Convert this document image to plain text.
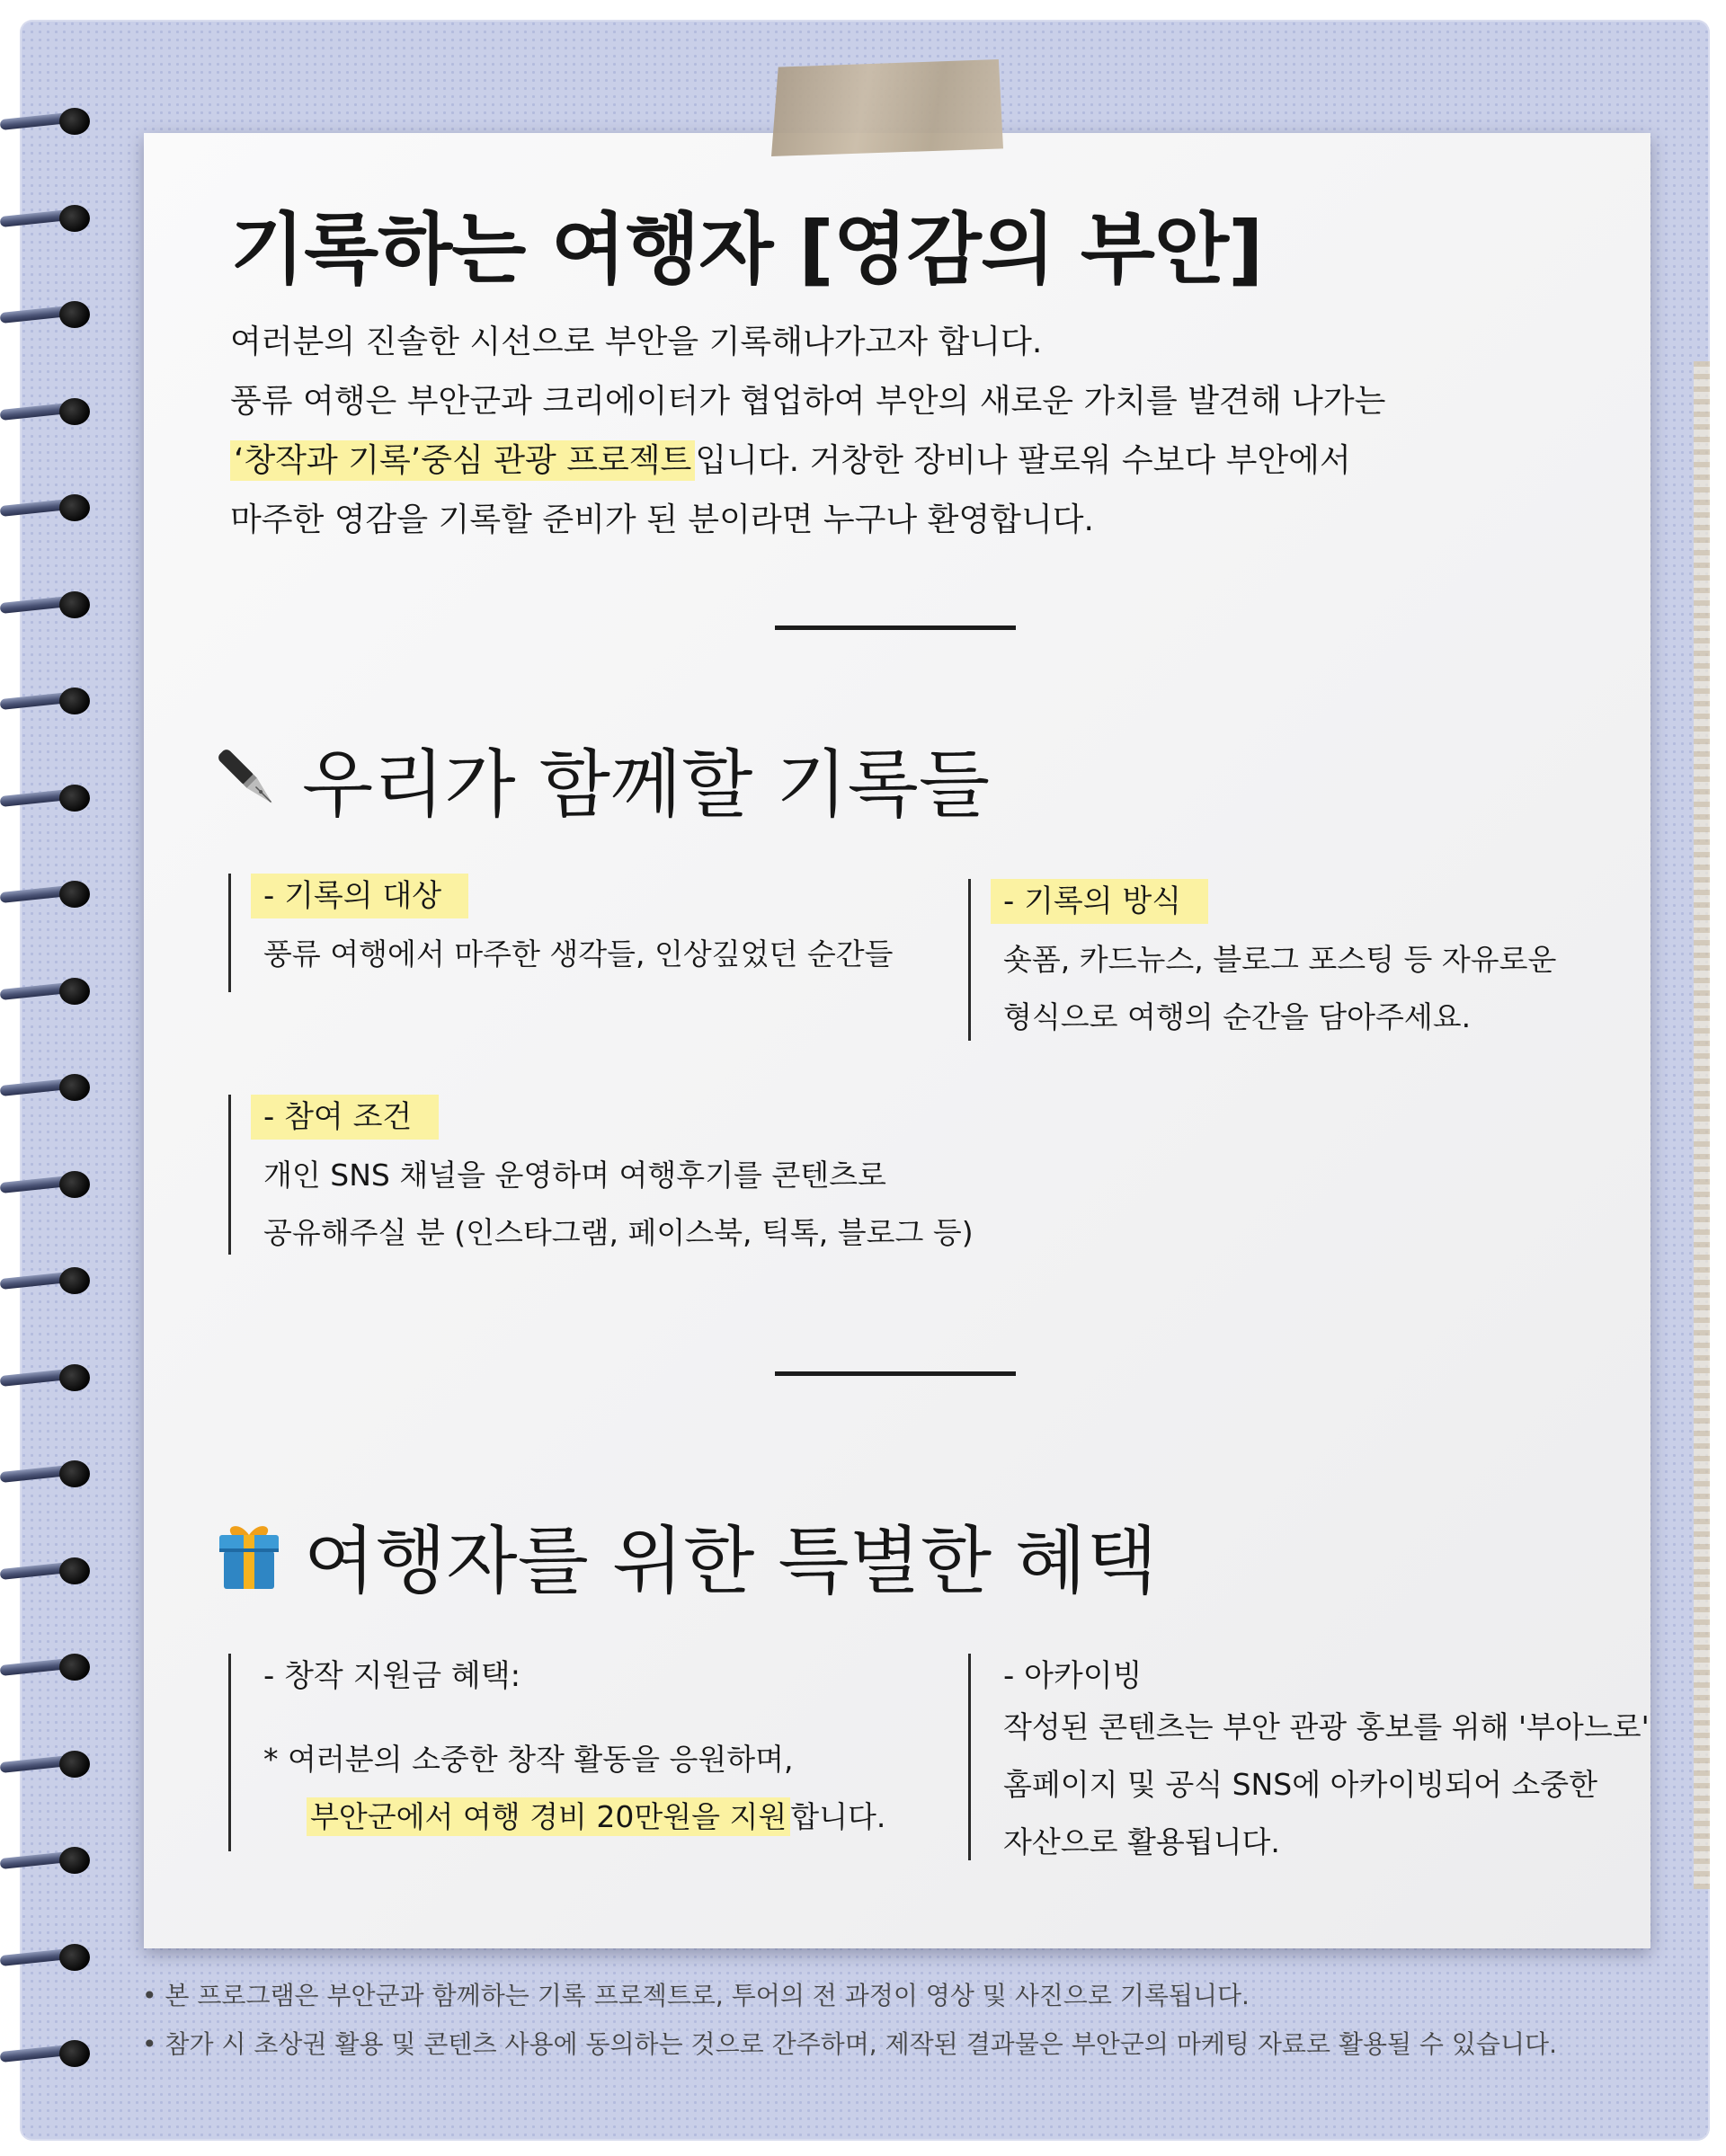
기록하는 여행자 [영감의 부안]

여러분의 진솔한 시선으로 부안을 기록해나가고자 합니다.

풍류 여행은 부안군과 크리에이터가 협업하여 부안의 새로운 가치를 발견해 나가는

‘창작과 기록’중심 관광 프로젝트 입니다. 거창한 장비나 팔로워 수보다 부안에서

마주한 영감을 기록할 준비가 된 분이라면 누구나 환영합니다.

우리가 함께할 기록들
- 기록의 대상
풍류 여행에서 마주한 생각들, 인상깊었던 순간들
- 기록의 방식
숏폼, 카드뉴스, 블로그 포스팅 등 자유로운
형식으로 여행의 순간을 담아주세요.
- 참여 조건
개인 SNS 채널을 운영하며 여행후기를 콘텐츠로
공유해주실 분 (인스타그램, 페이스북, 틱톡, 블로그 등)
여행자를 위한 특별한 혜택
- 창작 지원금 혜택:
* 여러분의 소중한 창작 활동을 응원하며,
부안군에서 여행 경비 20만원을 지원 합니다.
- 아카이빙
작성된 콘텐츠는 부안 관광 홍보를 위해 '부아느로'
홈페이지 및 공식 SNS에 아카이빙되어 소중한
자산으로 활용됩니다.
• 본 프로그램은 부안군과 함께하는 기록 프로젝트로, 투어의 전 과정이 영상 및 사진으로 기록됩니다.
• 참가 시 초상권 활용 및 콘텐츠 사용에 동의하는 것으로 간주하며, 제작된 결과물은 부안군의 마케팅 자료로 활용될 수 있습니다.
